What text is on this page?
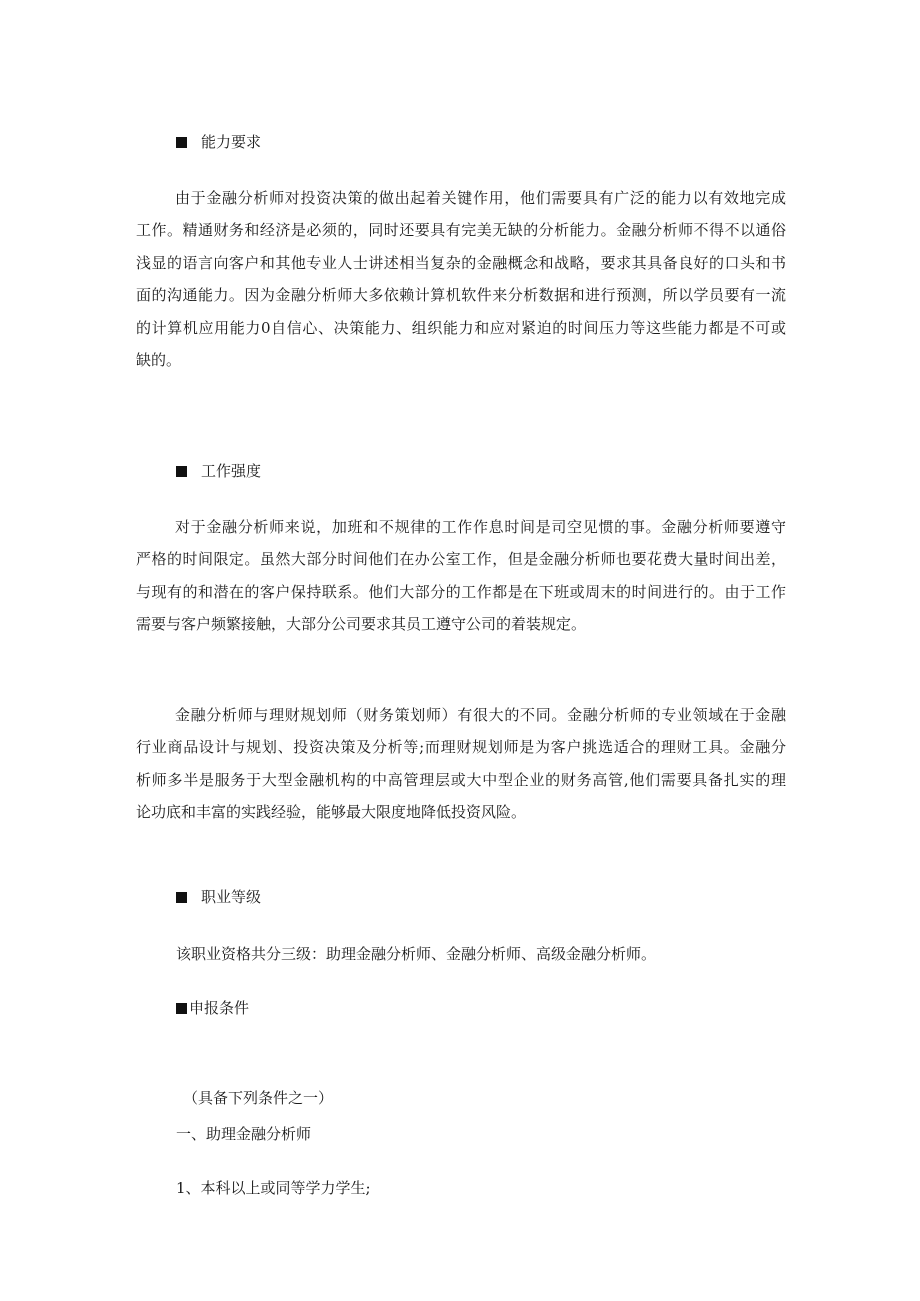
能力要求
由于金融分析师对投资决策的做出起着关键作用，他们需要具有广泛的能力以有效地完成
工作。精通财务和经济是必须的，同时还要具有完美无缺的分析能力。金融分析师不得不以通俗
浅显的语言向客户和其他专业人士讲述相当复杂的金融概念和战略，要求其具备良好的口头和书
面的沟通能力。因为金融分析师大多依赖计算机软件来分析数据和进行预测，所以学员要有一流
的计算机应用能力0自信心、决策能力、组织能力和应对紧迫的时间压力等这些能力都是不可或
缺的。
工作强度
对于金融分析师来说，加班和不规律的工作作息时间是司空见惯的事。金融分析师要遵守
严格的时间限定。虽然大部分时间他们在办公室工作，但是金融分析师也要花费大量时间出差，
与现有的和潜在的客户保持联系。他们大部分的工作都是在下班或周末的时间进行的。由于工作
需要与客户频繁接触，大部分公司要求其员工遵守公司的着装规定。
金融分析师与理财规划师（财务策划师）有很大的不同。金融分析师的专业领域在于金融
行业商品设计与规划、投资决策及分析等;而理财规划师是为客户挑选适合的理财工具。金融分
析师多半是服务于大型金融机构的中高管理层或大中型企业的财务高管,他们需要具备扎实的理
论功底和丰富的实践经验，能够最大限度地降低投资风险。
职业等级
该职业资格共分三级：助理金融分析师、金融分析师、高级金融分析师。
申报条件
（具备下列条件之一）
一、助理金融分析师
1、本科以上或同等学力学生;
